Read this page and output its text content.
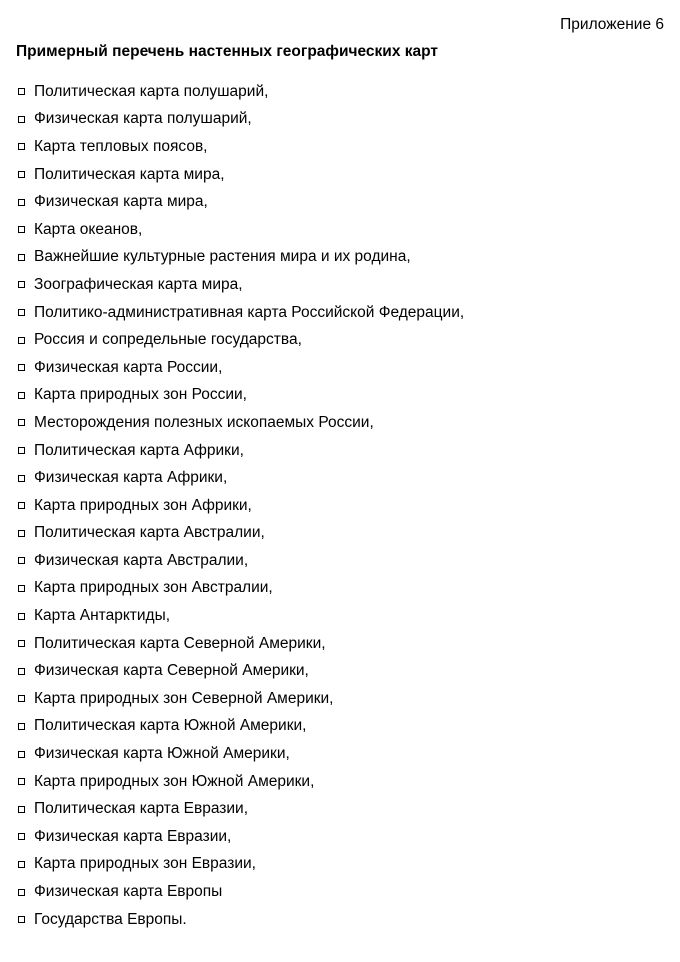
Приложение 6
Примерный перечень настенных географических карт
Политическая карта полушарий,
Физическая карта полушарий,
Карта тепловых поясов,
Политическая карта мира,
Физическая карта мира,
Карта океанов,
Важнейшие культурные растения мира и их родина,
Зоографическая карта мира,
Политико-административная карта Российской Федерации,
Россия и сопредельные государства,
Физическая карта России,
Карта природных зон России,
Месторождения полезных ископаемых России,
Политическая карта Африки,
Физическая карта Африки,
Карта природных зон Африки,
Политическая карта Австралии,
Физическая карта Австралии,
Карта природных зон Австралии,
Карта Антарктиды,
Политическая карта Северной Америки,
Физическая карта Северной Америки,
Карта природных зон Северной Америки,
Политическая карта Южной Америки,
Физическая карта Южной Америки,
Карта природных зон Южной Америки,
Политическая карта Евразии,
Физическая карта Евразии,
Карта природных зон Евразии,
Физическая карта Европы
Государства Европы.
